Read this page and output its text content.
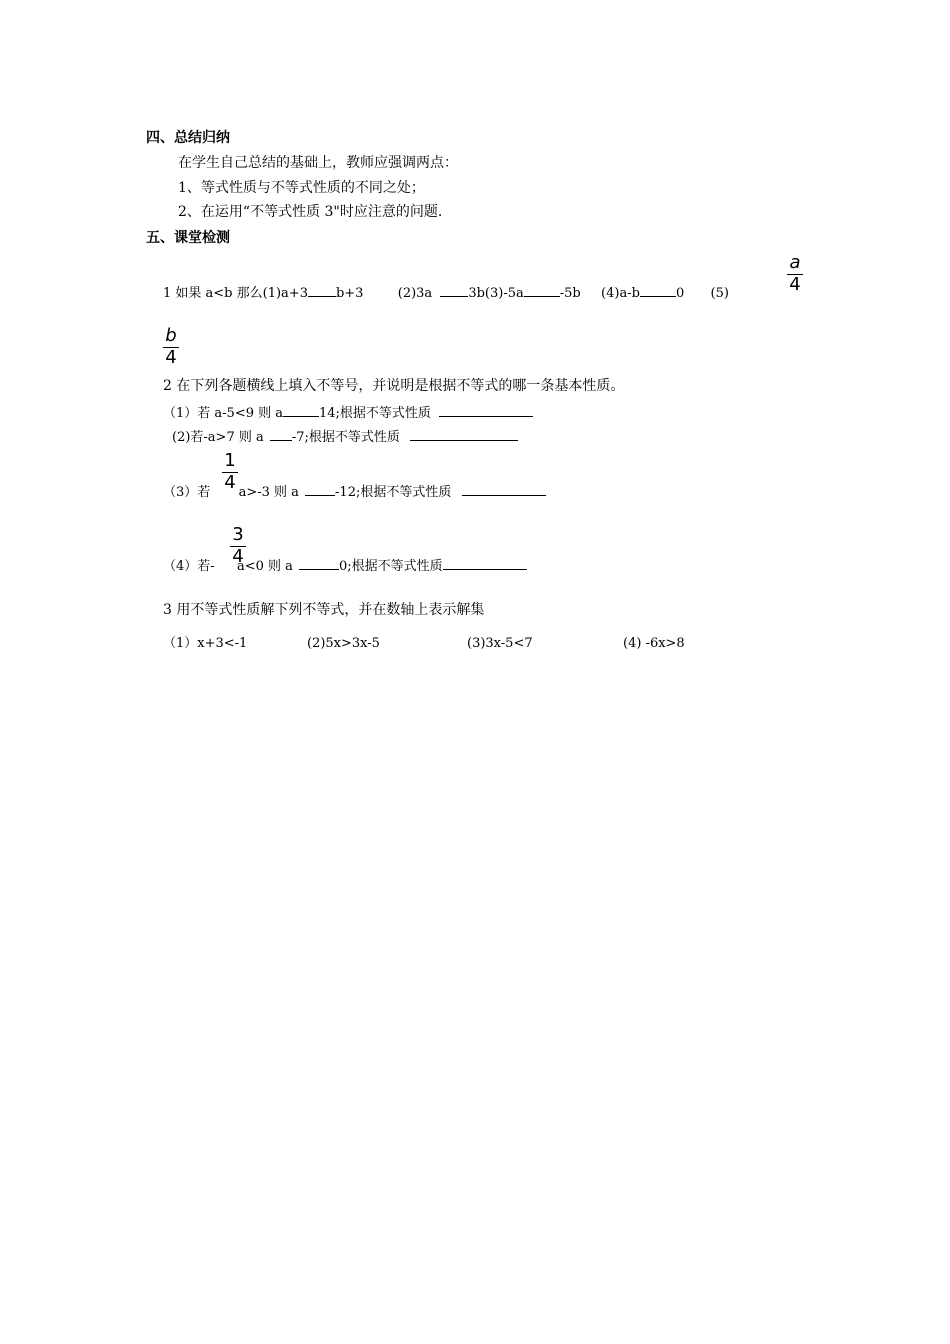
四、总结归纳
在学生自己总结的基础上，教师应强调两点：
1、等式性质与不等式性质的不同之处；
2、在运用“不等式性质 3"时应注意的问题.
五、课堂检测
1 如果 a<b 那么(1)a+3 b+3	(2)3a	3b(3)-5a	-5b (4)a-b	0 (5)
a
4
b
4
2 在下列各题横线上填入不等号，并说明是根据不等式的哪一条基本性质。
（1）若 a-5<9 则 a	14;根据不等式性质
(2)若-a>7 则 a -7;根据不等式性质
（3）若 a>-3 则 a	-12;根据不等式性质
1
4
（4）若- a<0 则 a	0;根据不等式性质
3
4
3 用不等式性质解下列不等式，并在数轴上表示解集
（1）x+3<-1	(2)5x>3x-5	(3)3x-5<7	(4) -6x>8
